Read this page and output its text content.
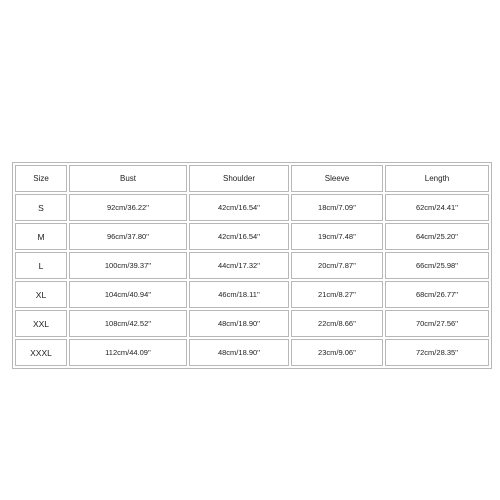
Size	Bust	Shoulder	Sleeve	Length
S	92cm/36.22''	42cm/16.54''	18cm/7.09''	62cm/24.41''
M	96cm/37.80''	42cm/16.54''	19cm/7.48''	64cm/25.20''
L	100cm/39.37''	44cm/17.32''	20cm/7.87''	66cm/25.98''
XL	104cm/40.94''	46cm/18.11''	21cm/8.27''	68cm/26.77''
XXL	108cm/42.52''	48cm/18.90''	22cm/8.66''	70cm/27.56''
XXXL	112cm/44.09''	48cm/18.90''	23cm/9.06''	72cm/28.35''
